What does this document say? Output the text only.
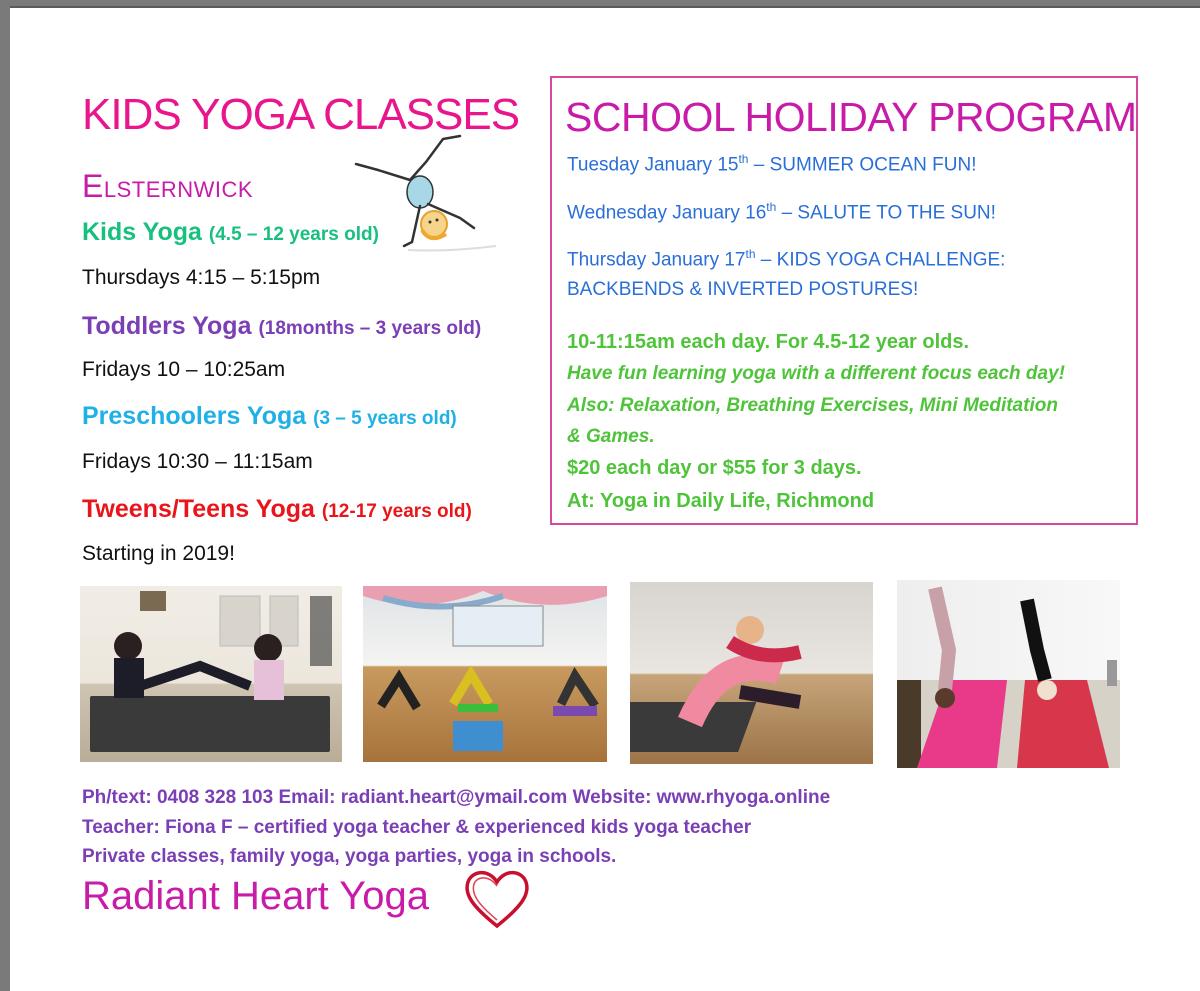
KIDS YOGA CLASSES
Elsternwick
Kids Yoga (4.5 – 12 years old)
Thursdays 4:15 – 5:15pm
Toddlers Yoga (18months – 3 years old)
Fridays 10 – 10:25am
Preschoolers Yoga (3 – 5 years old)
Fridays 10:30 – 11:15am
Tweens/Teens Yoga (12-17 years old)
Starting in 2019!
SCHOOL HOLIDAY PROGRAM
Tuesday January 15th – SUMMER OCEAN FUN!
Wednesday January 16th – SALUTE TO THE SUN!
Thursday January 17th – KIDS YOGA CHALLENGE:
BACKBENDS & INVERTED POSTURES!
10-11:15am each day. For 4.5-12 year olds.
Have fun learning yoga with a different focus each day!
Also: Relaxation, Breathing Exercises, Mini Meditation
& Games.
$20 each day or $55 for 3 days.
At: Yoga in Daily Life, Richmond
Ph/text: 0408 328 103 Email: radiant.heart@ymail.com Website: www.rhyoga.online
Teacher: Fiona F – certified yoga teacher & experienced kids yoga teacher
Private classes, family yoga, yoga parties, yoga in schools.
Radiant Heart Yoga
